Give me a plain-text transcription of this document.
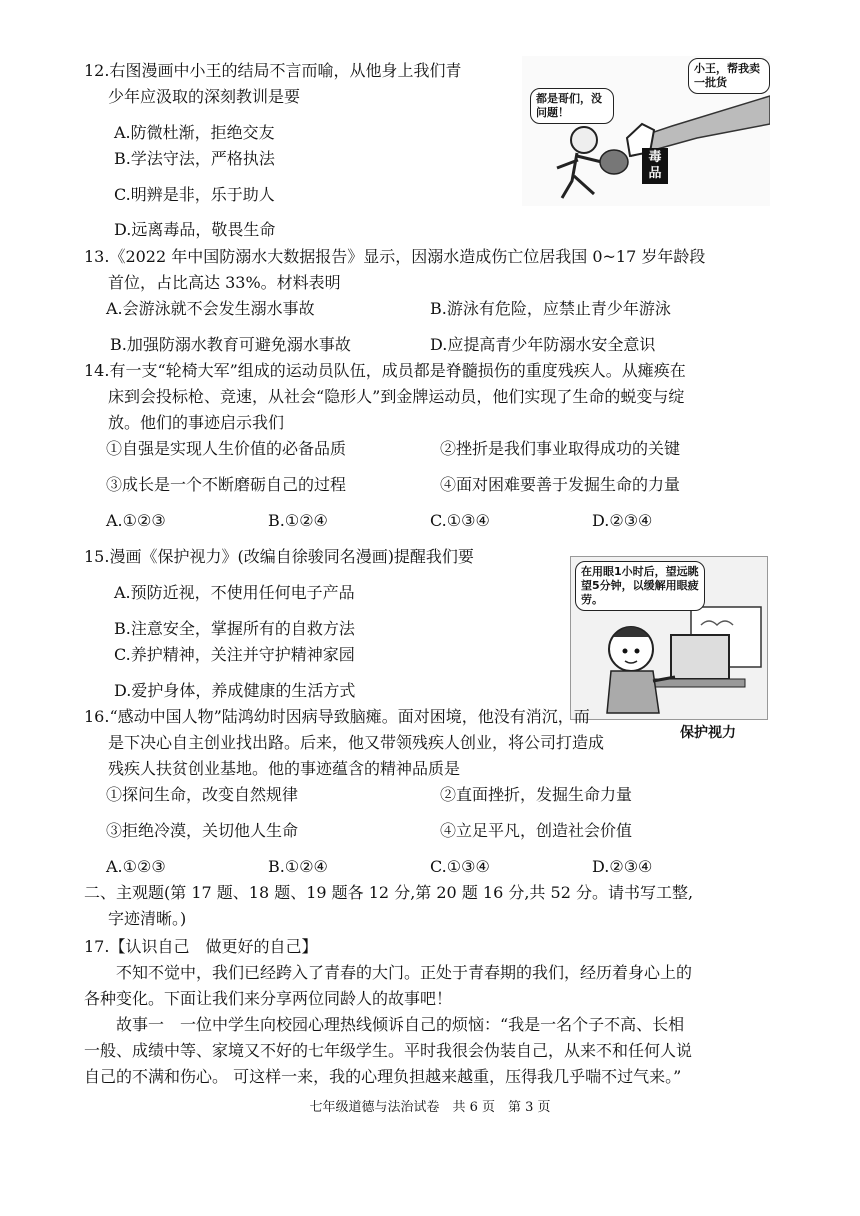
12.右图漫画中小王的结局不言而喻，从他身上我们青
少年应汲取的深刻教训是要
A.防微杜渐，拒绝交友
B.学法守法，严格执法
C.明辨是非，乐于助人
D.远离毒品，敬畏生命
都是哥们，没问题！
小王，帮我卖一批货
毒品
13.《2022 年中国防溺水大数据报告》显示，因溺水造成伤亡位居我国 0~17 岁年龄段
首位，占比高达 33%。材料表明
A.会游泳就不会发生溺水事故	B.游泳有危险，应禁止青少年游泳
B.加强防溺水教育可避免溺水事故	D.应提高青少年防溺水安全意识
14.有一支“轮椅大军”组成的运动员队伍，成员都是脊髓损伤的重度残疾人。从瘫痪在
床到会投标枪、竞速，从社会“隐形人”到金牌运动员，他们实现了生命的蜕变与绽
放。他们的事迹启示我们
①自强是实现人生价值的必备品质	②挫折是我们事业取得成功的关键
③成长是一个不断磨砺自己的过程	④面对困难要善于发掘生命的力量
A.①②③	B.①②④	C.①③④	D.②③④
15.漫画《保护视力》(改编自徐骏同名漫画)提醒我们要
A.预防近视，不使用任何电子产品
B.注意安全，掌握所有的自救方法
C.养护精神，关注并守护精神家园
D.爱护身体，养成健康的生活方式
在用眼1小时后，望远眺望5分钟，以缓解用眼疲劳。
保护视力
16.“感动中国人物”陆鸿幼时因病导致脑瘫。面对困境，他没有消沉，而
是下决心自主创业找出路。后来，他又带领残疾人创业，将公司打造成
残疾人扶贫创业基地。他的事迹蕴含的精神品质是
①探问生命，改变自然规律	②直面挫折，发掘生命力量
③拒绝冷漠，关切他人生命	④立足平凡，创造社会价值
A.①②③	B.①②④	C.①③④	D.②③④
二、主观题(第 17 题、18 题、19 题各 12 分,第 20 题 16 分,共 52 分。请书写工整,
字迹清晰。)
17.【认识自己　做更好的自己】
不知不觉中，我们已经跨入了青春的大门。正处于青春期的我们，经历着身心上的
各种变化。下面让我们来分享两位同龄人的故事吧！
故事一　一位中学生向校园心理热线倾诉自己的烦恼：“我是一名个子不高、长相
一般、成绩中等、家境又不好的七年级学生。平时我很会伪装自己，从来不和任何人说
自己的不满和伤心。 可这样一来，我的心理负担越来越重，压得我几乎喘不过气来。”
七年级道德与法治试卷　共 6 页　第 3 页
